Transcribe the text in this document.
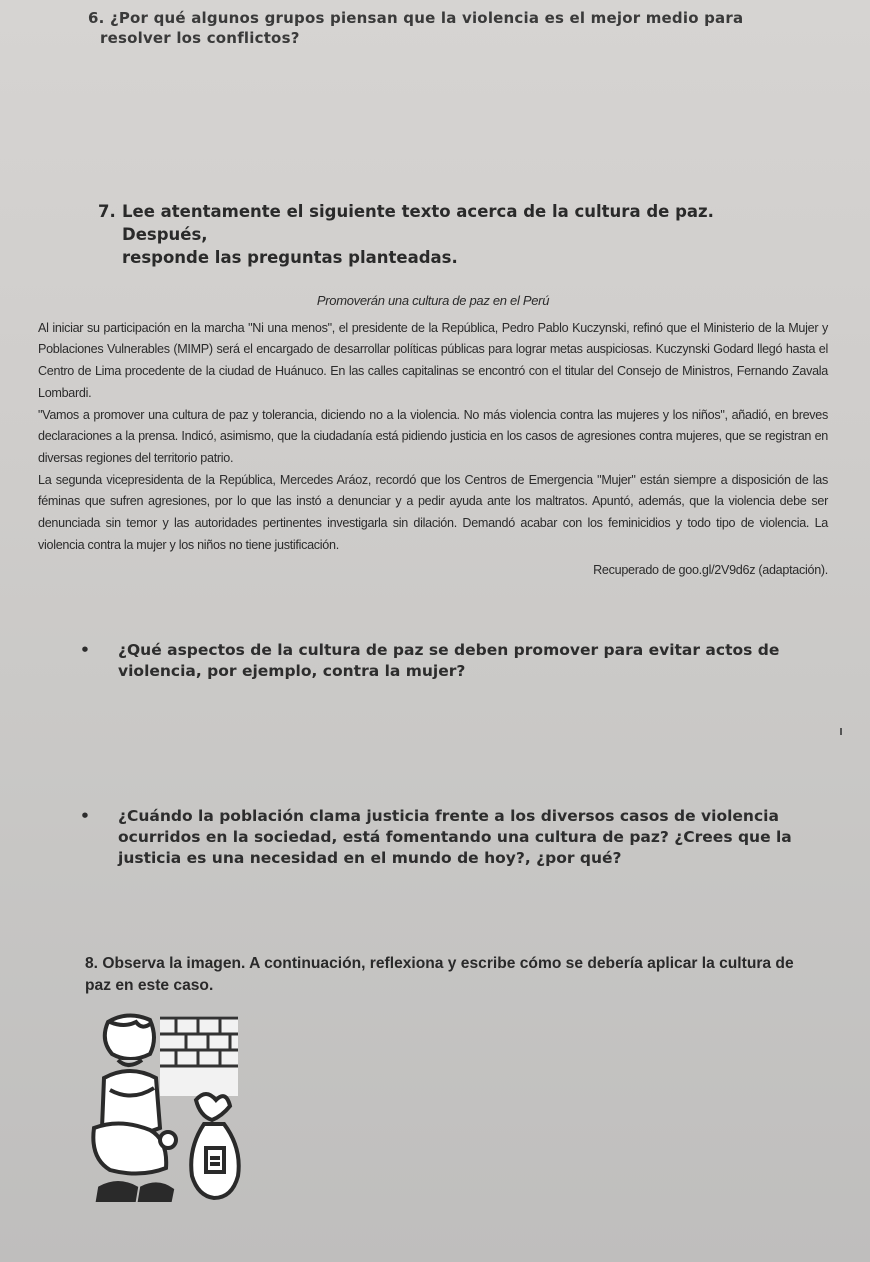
6. ¿Por qué algunos grupos piensan que la violencia es el mejor medio para
resolver los conflictos?
7. Lee atentamente el siguiente texto acerca de la cultura de paz. Después,
responde las preguntas planteadas.
Promoverán una cultura de paz en el Perú

Al iniciar su participación en la marcha "Ni una menos", el presidente de la República, Pedro Pablo Kuczynski, refinó que el Ministerio de la Mujer y Poblaciones Vulnerables (MIMP) será el encargado de desarrollar políticas públicas para lograr metas auspiciosas. Kuczynski Godard llegó hasta el Centro de Lima procedente de la ciudad de Huánuco. En las calles capitalinas se encontró con el titular del Consejo de Ministros, Fernando Zavala Lombardi.

"Vamos a promover una cultura de paz y tolerancia, diciendo no a la violencia. No más violencia contra las mujeres y los niños", añadió, en breves declaraciones a la prensa. Indicó, asimismo, que la ciudadanía está pidiendo justicia en los casos de agresiones contra mujeres, que se registran en diversas regiones del territorio patrio.

La segunda vicepresidenta de la República, Mercedes Aráoz, recordó que los Centros de Emergencia "Mujer" están siempre a disposición de las féminas que sufren agresiones, por lo que las instó a denunciar y a pedir ayuda ante los maltratos. Apuntó, además, que la violencia debe ser denunciada sin temor y las autoridades pertinentes investigarla sin dilación. Demandó acabar con los feminicidios y todo tipo de violencia. La violencia contra la mujer y los niños no tiene justificación.

Recuperado de goo.gl/2V9d6z (adaptación).

• ¿Qué aspectos de la cultura de paz se deben promover para evitar actos de violencia, por ejemplo, contra la mujer?
• ¿Cuándo la población clama justicia frente a los diversos casos de violencia ocurridos en la sociedad, está fomentando una cultura de paz? ¿Crees que la justicia es una necesidad en el mundo de hoy?, ¿por qué?
8. Observa la imagen. A continuación, reflexiona y escribe cómo se debería aplicar la cultura de paz en este caso.
